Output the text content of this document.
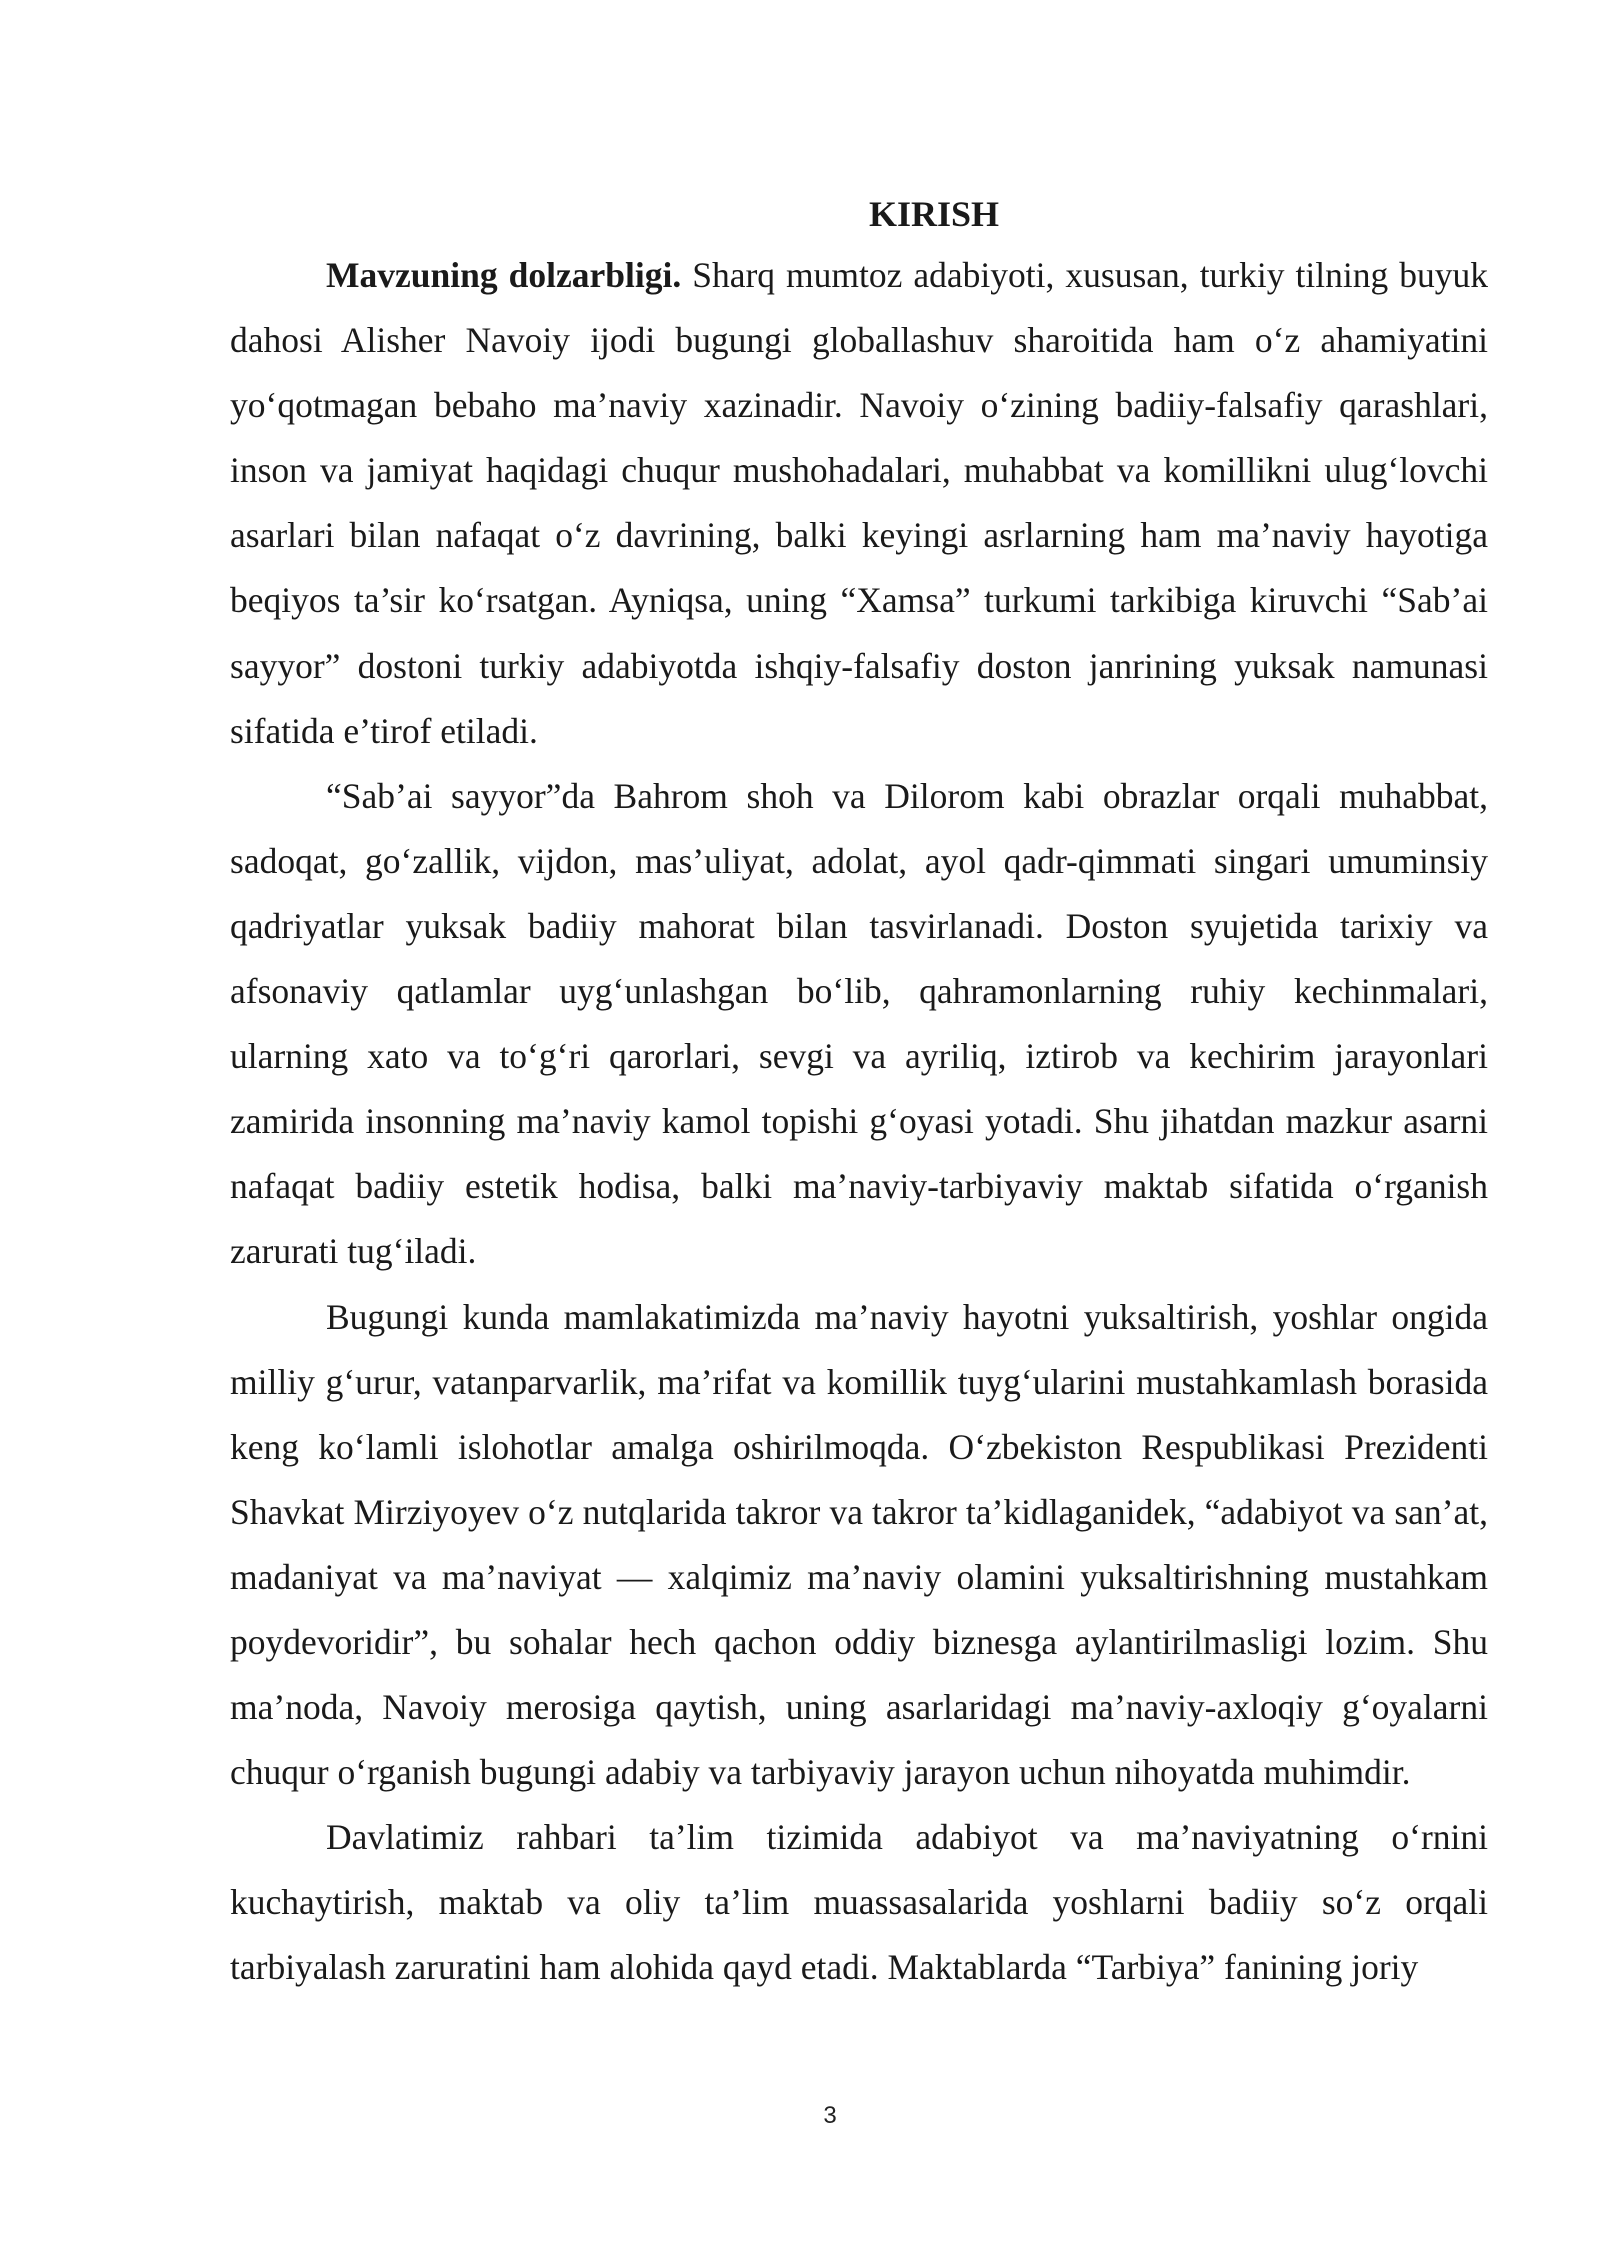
KIRISH

Mavzuning dolzarbligi. Sharq mumtoz adabiyoti, xususan, turkiy tilning buyuk dahosi Alisher Navoiy ijodi bugungi globallashuv sharoitida ham o‘z ahamiyatini yo‘qotmagan bebaho ma’naviy xazinadir. Navoiy o‘zining badiiy-falsafiy qarashlari, inson va jamiyat haqidagi chuqur mushohadalari, muhabbat va komillikni ulug‘lovchi asarlari bilan nafaqat o‘z davrining, balki keyingi asrlarning ham ma’naviy hayotiga beqiyos ta’sir ko‘rsatgan. Ayniqsa, uning “Xamsa” turkumi tarkibiga kiruvchi “Sab’ai sayyor” dostoni turkiy adabiyotda ishqiy-falsafiy doston janrining yuksak namunasi sifatida e’tirof etiladi.

“Sab’ai sayyor”da Bahrom shoh va Dilorom kabi obrazlar orqali muhabbat, sadoqat, go‘zallik, vijdon, mas’uliyat, adolat, ayol qadr-qimmati singari umuminsiy qadriyatlar yuksak badiiy mahorat bilan tasvirlanadi. Doston syujetida tarixiy va afsonaviy qatlamlar uyg‘unlashgan bo‘lib, qahramonlarning ruhiy kechinmalari, ularning xato va to‘g‘ri qarorlari, sevgi va ayriliq, iztirob va kechirim jarayonlari zamirida insonning ma’naviy kamol topishi g‘oyasi yotadi. Shu jihatdan mazkur asarni nafaqat badiiy estetik hodisa, balki ma’naviy-tarbiyaviy maktab sifatida o‘rganish zarurati tug‘iladi.

Bugungi kunda mamlakatimizda ma’naviy hayotni yuksaltirish, yoshlar ongida milliy g‘urur, vatanparvarlik, ma’rifat va komillik tuyg‘ularini mustahkamlash borasida keng ko‘lamli islohotlar amalga oshirilmoqda. O‘zbekiston Respublikasi Prezidenti Shavkat Mirziyoyev o‘z nutqlarida takror va takror ta’kidlaganidek, “adabiyot va san’at, madaniyat va ma’naviyat — xalqimiz ma’naviy olamini yuksaltirishning mustahkam poydevoridir”, bu sohalar hech qachon oddiy biznesga aylantirilmasligi lozim. Shu ma’noda, Navoiy merosiga qaytish, uning asarlaridagi ma’naviy-axloqiy g‘oyalarni chuqur o‘rganish bugungi adabiy va tarbiyaviy jarayon uchun nihoyatda muhimdir.

Davlatimiz rahbari ta’lim tizimida adabiyot va ma’naviyatning o‘rnini kuchaytirish, maktab va oliy ta’lim muassasalarida yoshlarni badiiy so‘z orqali tarbiyalash zaruratini ham alohida qayd etadi. Maktablarda “Tarbiya” fanining joriy

3
